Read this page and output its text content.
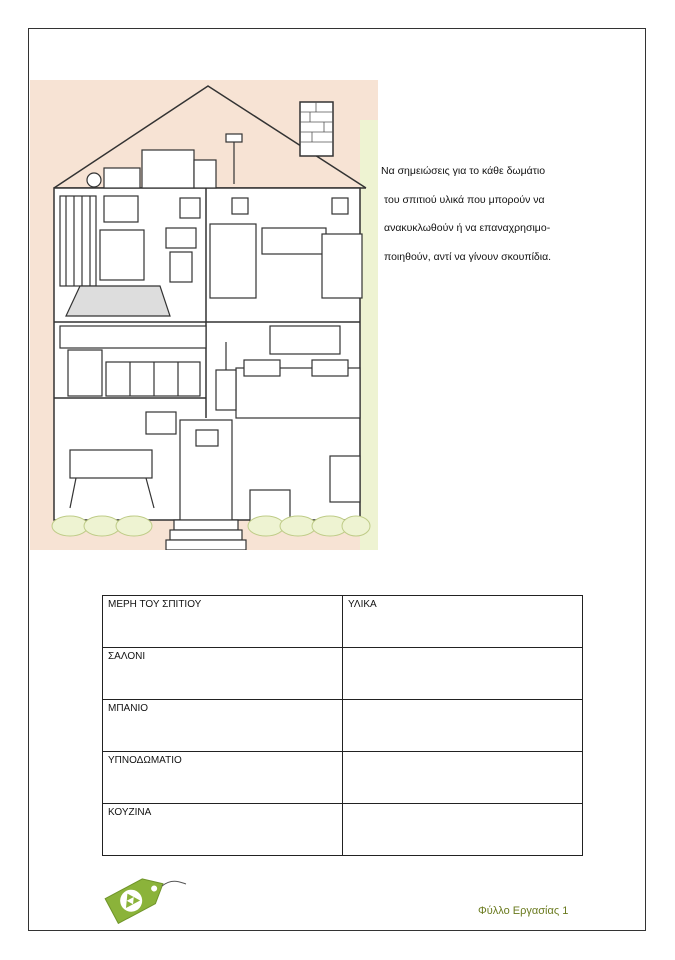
Να σημειώσεις για το κάθε δωμάτιο
του σπιτιού υλικά που μπορούν να
ανακυκλωθούν ή να επαναχρησιμο-
ποιηθούν, αντί να γίνουν σκουπίδια.
ΜΕΡΗ ΤΟΥ ΣΠΙΤΙΟΥ	ΥΛΙΚΑ
ΣΑΛΟΝΙ	
ΜΠΑΝΙΟ	
ΥΠΝΟΔΩΜΑΤΙΟ	
ΚΟΥΖΙΝΑ	
Φύλλο Εργασίας 1
